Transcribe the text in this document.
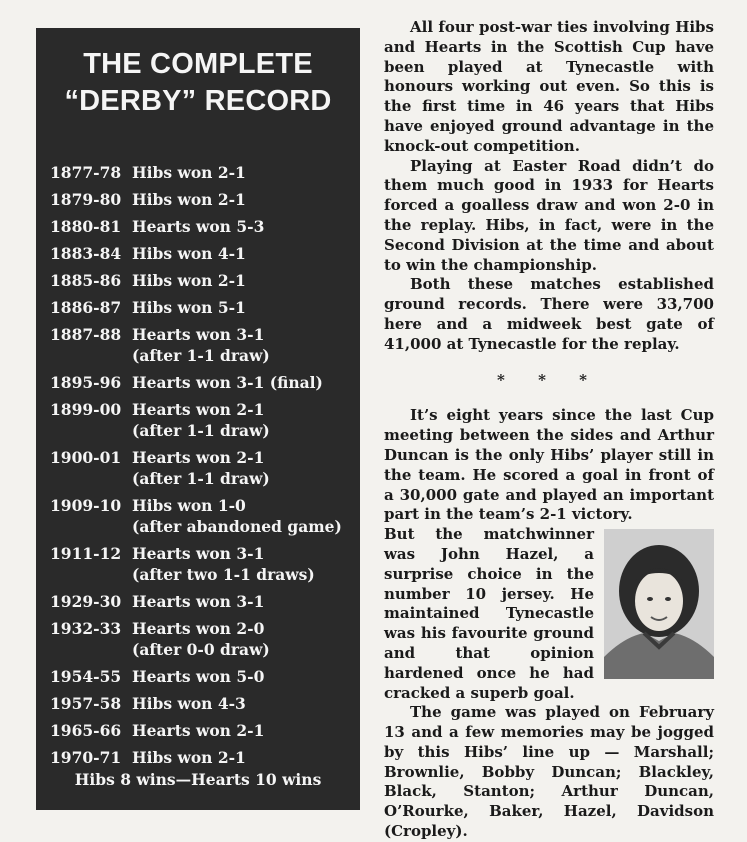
THE COMPLETE
“DERBY” RECORD
1877-78 Hibs won 2-1
1879-80 Hibs won 2-1
1880-81 Hearts won 5-3
1883-84 Hibs won 4-1
1885-86 Hibs won 2-1
1886-87 Hibs won 5-1
1887-88 Hearts won 3-1
(after 1-1 draw)
1895-96 Hearts won 3-1 (final)
1899-00 Hearts won 2-1
(after 1-1 draw)
1900-01 Hearts won 2-1
(after 1-1 draw)
1909-10 Hibs won 1-0
(after abandoned game)
1911-12 Hearts won 3-1
(after two 1-1 draws)
1929-30 Hearts won 3-1
1932-33 Hearts won 2-0
(after 0-0 draw)
1954-55 Hearts won 5-0
1957-58 Hibs won 4-3
1965-66 Hearts won 2-1
1970-71 Hibs won 2-1
Hibs 8 wins—Hearts 10 wins

All four post-war ties involving Hibs and Hearts in the Scottish Cup have been played at Tynecastle with honours working out even. So this is the first time in 46 years that Hibs have enjoyed ground advantage in the knock-out competition.

Playing at Easter Road didn’t do them much good in 1933 for Hearts forced a goalless draw and won 2-0 in the replay. Hibs, in fact, were in the Second Division at the time and about to win the championship.

Both these matches established ground records. There were 33,700 here and a midweek best gate of 41,000 at Tynecastle for the replay.

* * *

It’s eight years since the last Cup meeting between the sides and Arthur Duncan is the only Hibs’ player still in the team. He scored a goal in front of a 30,000 gate and played an important part in the team’s 2-1 victory.

But the matchwinner was John Hazel, a surprise choice in the number 10 jersey. He maintained Tynecastle was his favourite ground and that opinion hardened once he had cracked a superb goal.

The game was played on February 13 and a few memories may be jogged by this Hibs’ line up — Marshall; Brownlie, Bobby Duncan; Blackley, Black, Stanton; Arthur Duncan, O’Rourke, Baker, Hazel, Davidson (Cropley).
